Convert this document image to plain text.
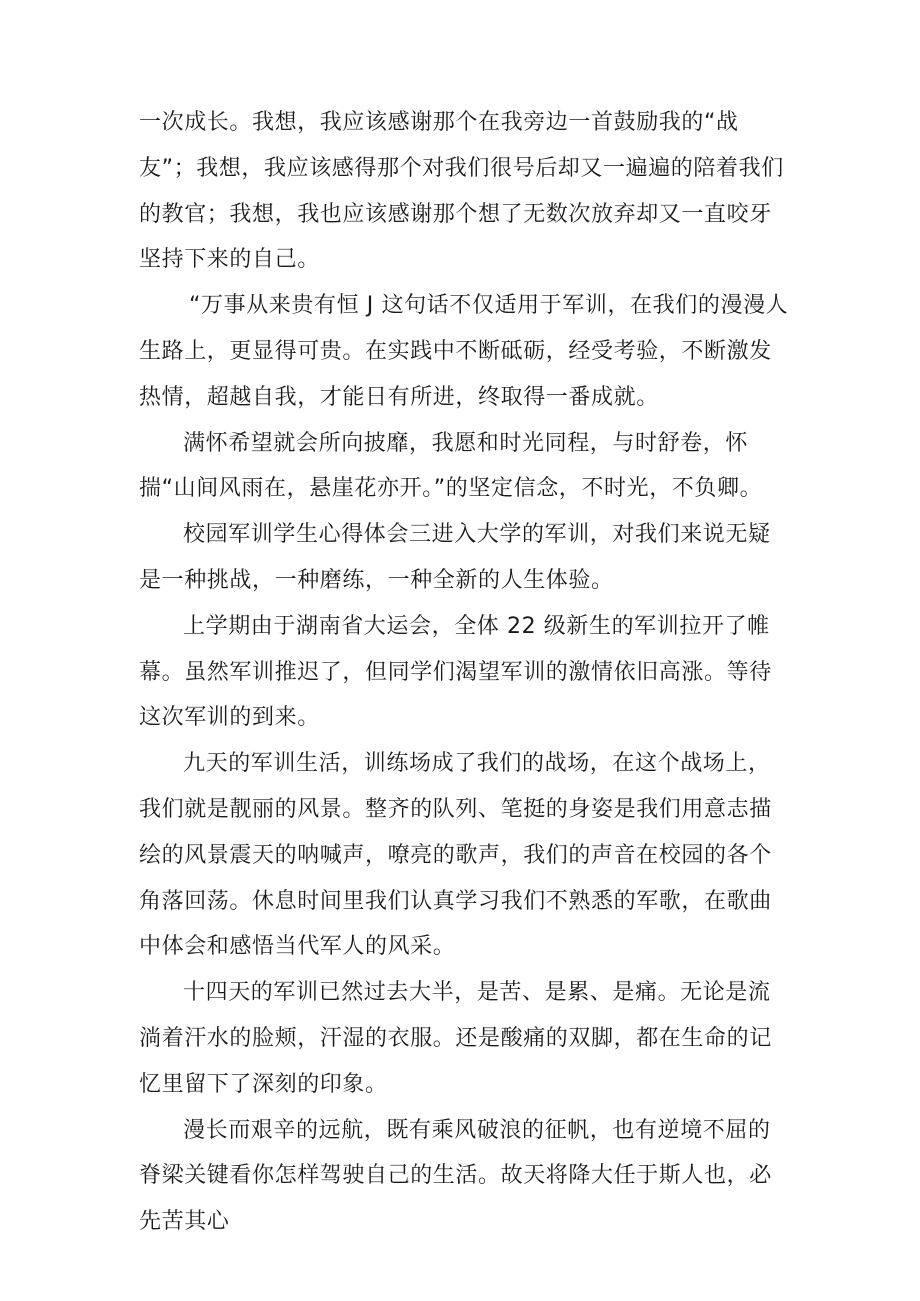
一次成长。我想，我应该感谢那个在我旁边一首鼓励我的“战友”；我想，我应该感得那个对我们很号后却又一遍遍的陪着我们的教官；我想，我也应该感谢那个想了无数次放弃却又一直咬牙坚持下来的自己。

“万事从来贵有恒 J 这句话不仅适用于军训，在我们的漫漫人生路上，更显得可贵。在实践中不断砥砺，经受考验，不断激发热情，超越自我，才能日有所进，终取得一番成就。

满怀希望就会所向披靡，我愿和时光同程，与时舒卷，怀揣“山间风雨在，悬崖花亦开。”的坚定信念，不时光，不负卿。

校园军训学生心得体会三进入大学的军训，对我们来说无疑是一种挑战，一种磨练，一种全新的人生体验。

上学期由于湖南省大运会，全体 22 级新生的军训拉开了帷幕。虽然军训推迟了，但同学们渴望军训的激情依旧高涨。等待这次军训的到来。

九天的军训生活，训练场成了我们的战场，在这个战场上，我们就是靓丽的风景。整齐的队列、笔挺的身姿是我们用意志描绘的风景震天的呐喊声，嘹亮的歌声，我们的声音在校园的各个角落回荡。休息时间里我们认真学习我们不熟悉的军歌，在歌曲中体会和感悟当代军人的风采。

十四天的军训已然过去大半，是苦、是累、是痛。无论是流淌着汗水的脸颊，汗湿的衣服。还是酸痛的双脚，都在生命的记忆里留下了深刻的印象。

漫长而艰辛的远航，既有乘风破浪的征帆，也有逆境不屈的脊梁关键看你怎样驾驶自己的生活。故天将降大任于斯人也，必先苦其心
